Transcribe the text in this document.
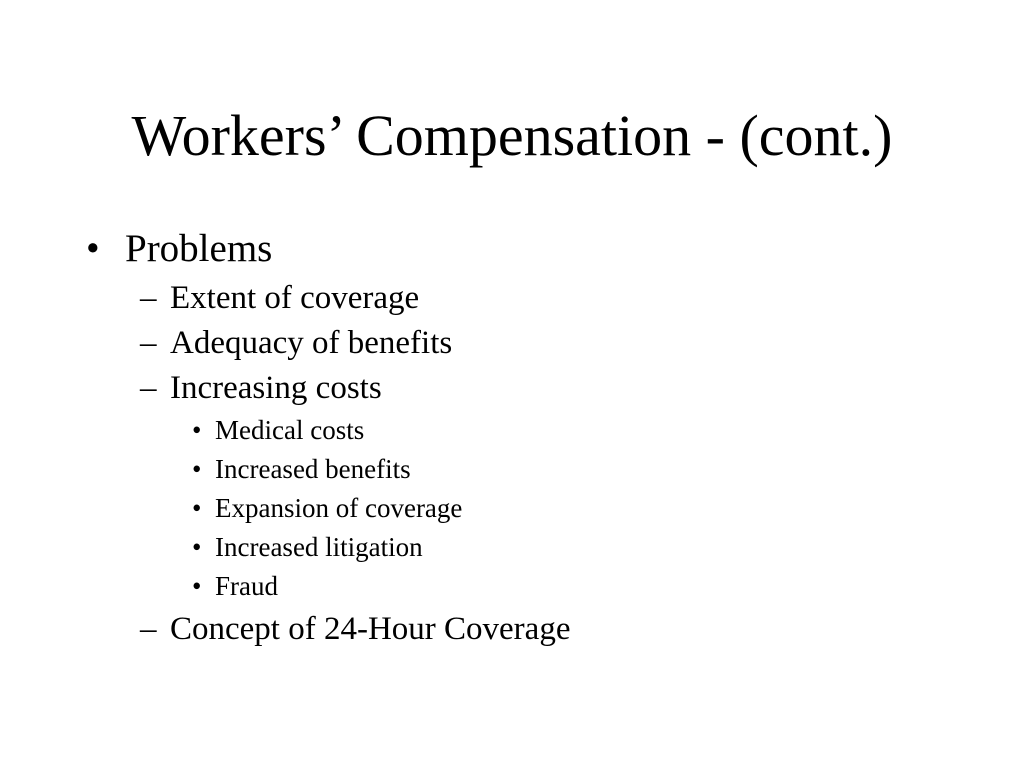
Workers’ Compensation - (cont.)
• Problems
– Extent of coverage
– Adequacy of benefits
– Increasing costs
• Medical costs
• Increased benefits
• Expansion of coverage
• Increased litigation
• Fraud
– Concept of 24-Hour Coverage
